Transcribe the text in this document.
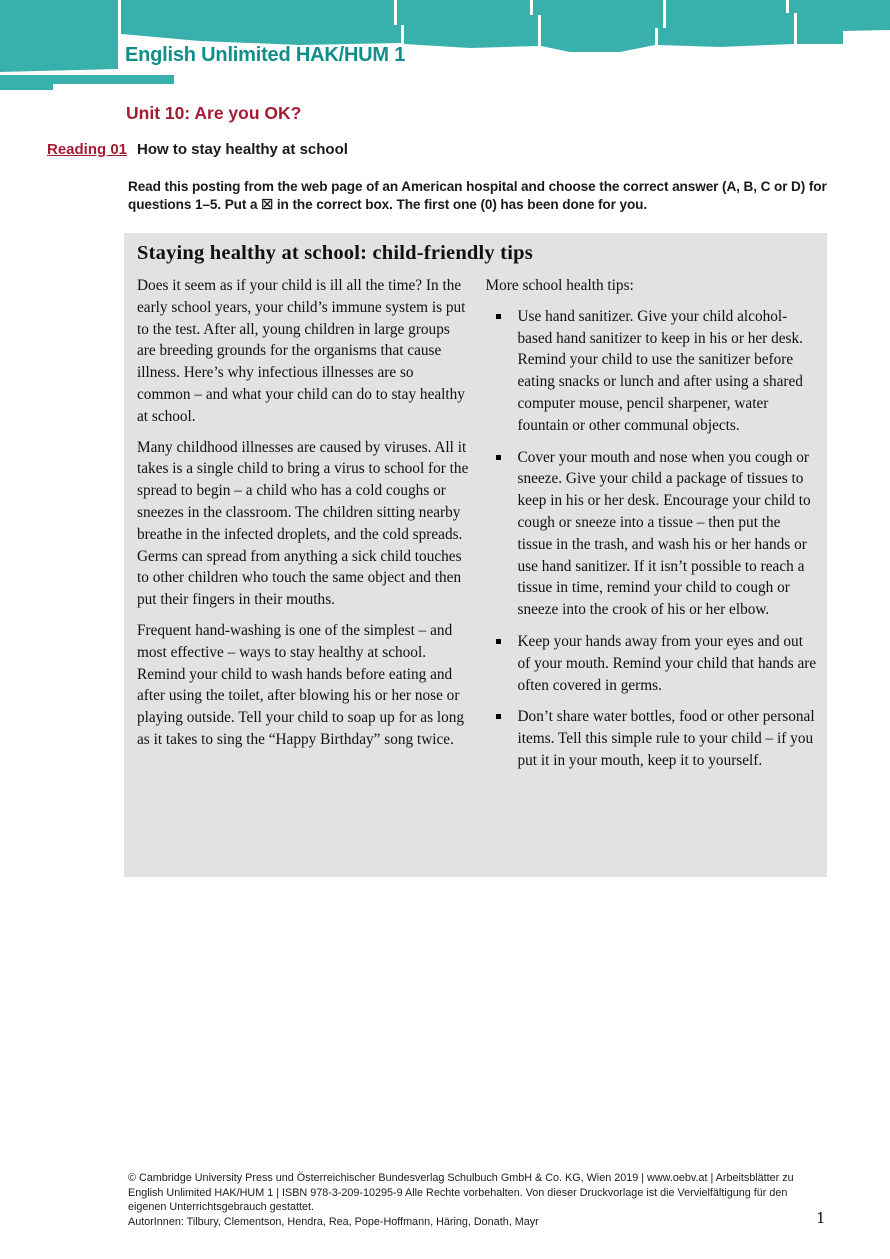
English Unlimited HAK/HUM 1
Unit 10: Are you OK?
Reading 01 How to stay healthy at school

Read this posting from the web page of an American hospital and choose the correct answer (A, B, C or D) for questions 1–5. Put a ☒ in the correct box. The first one (0) has been done for you.

Staying healthy at school: child-friendly tips

Does it seem as if your child is ill all the time? In the early school years, your child’s immune system is put to the test. After all, young children in large groups are breeding grounds for the organisms that cause illness. Here’s why infectious illnesses are so common – and what your child can do to stay healthy at school.

Many childhood illnesses are caused by viruses. All it takes is a single child to bring a virus to school for the spread to begin – a child who has a cold coughs or sneezes in the classroom. The children sitting nearby breathe in the infected droplets, and the cold spreads. Germs can spread from anything a sick child touches to other children who touch the same object and then put their fingers in their mouths.

Frequent hand-washing is one of the simplest – and most effective – ways to stay healthy at school. Remind your child to wash hands before eating and after using the toilet, after blowing his or her nose or playing outside. Tell your child to soap up for as long as it takes to sing the “Happy Birthday” song twice.

More school health tips:

Use hand sanitizer. Give your child alcohol-based hand sanitizer to keep in his or her desk. Remind your child to use the sanitizer before eating snacks or lunch and after using a shared computer mouse, pencil sharpener, water fountain or other communal objects.

Cover your mouth and nose when you cough or sneeze. Give your child a package of tissues to keep in his or her desk. Encourage your child to cough or sneeze into a tissue – then put the tissue in the trash, and wash his or her hands or use hand sanitizer. If it isn’t possible to reach a tissue in time, remind your child to cough or sneeze into the crook of his or her elbow.

Keep your hands away from your eyes and out of your mouth. Remind your child that hands are often covered in germs.

Don’t share water bottles, food or other personal items. Tell this simple rule to your child – if you put it in your mouth, keep it to yourself.

© Cambridge University Press und Österreichischer Bundesverlag Schulbuch GmbH & Co. KG, Wien 2019 | www.oebv.at | Arbeitsblätter zu English Unlimited HAK/HUM 1 | ISBN 978-3-209-10295-9 Alle Rechte vorbehalten. Von dieser Druckvorlage ist die Vervielfältigung für den eigenen Unterrichtsgebrauch gestattet.

AutorInnen: Tilbury, Clementson, Hendra, Rea, Pope-Hoffmann, Häring, Donath, Mayr	1
